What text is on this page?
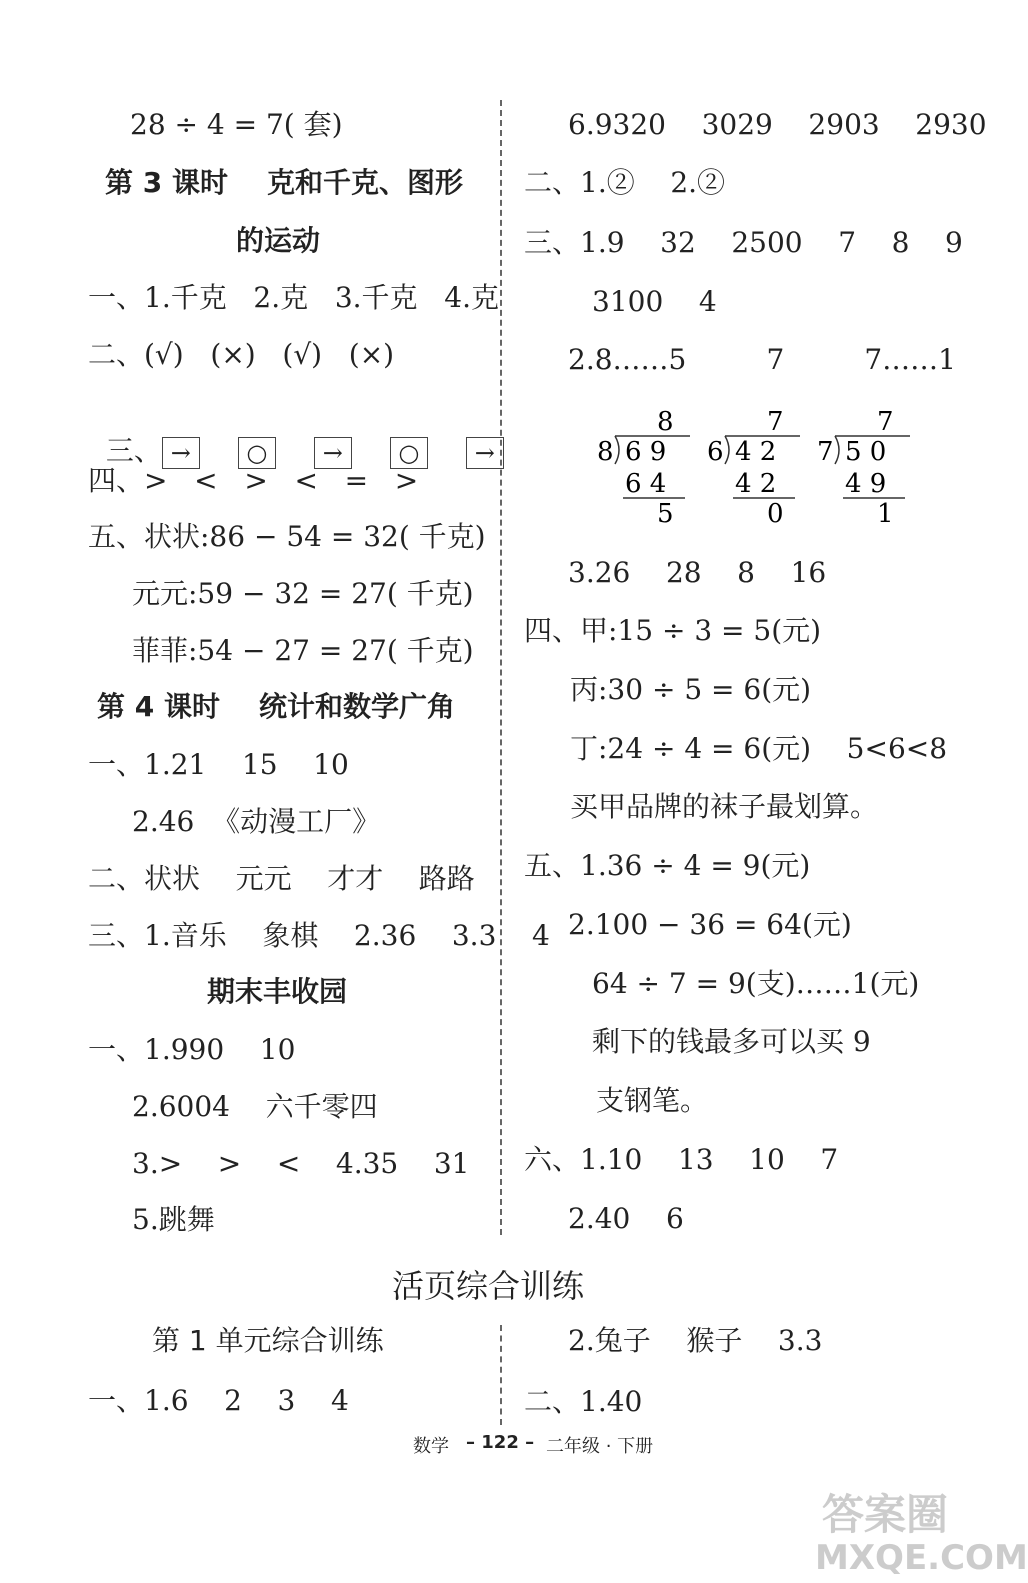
28 ÷ 4 = 7( 套)
第 3 课时    克和千克、图形
的运动
一、1.千克   2.克   3.千克   4.克
二、(√)   (×)   (√)   (×)

三、 → ○ → ○ →

四、>   <   >   <   =   >
五、状状:86 − 54 = 32( 千克)
元元:59 − 32 = 27( 千克)
菲菲:54 − 27 = 27( 千克)
第 4 课时    统计和数学广角
一、1.21    15    10
2.46  《动漫工厂》
二、状状    元元    才才    路路
三、1.音乐    象棋    2.36    3.3    4
期末丰收园
一、1.990    10
2.6004    六千零四
3.>    >    <    4.35    31
5.跳舞
6.9320    3029    2903    2930
二、1.②    2.②
三、1.9    32    2500    7    8    9
3100    4
2.8……5         7         7……1
8
8 6 9
6 4
5
7
6 4 2
4 2
0
7
7 5 0
4 9
1
3.26    28    8    16
四、甲:15 ÷ 3 = 5(元)
丙:30 ÷ 5 = 6(元)
丁:24 ÷ 4 = 6(元)    5<6<8
买甲品牌的袜子最划算。
五、1.36 ÷ 4 = 9(元)
2.100 − 36 = 64(元)
64 ÷ 7 = 9(支)……1(元)
剩下的钱最多可以买 9
支钢笔。
六、1.10    13    10    7
2.40    6
活页综合训练
第 1 单元综合训练
一、1.6    2    3    4
2.兔子    猴子    3.3
二、1.40
数学 – 122 – 二年级 · 下册
答案圈
MXQE.COM
